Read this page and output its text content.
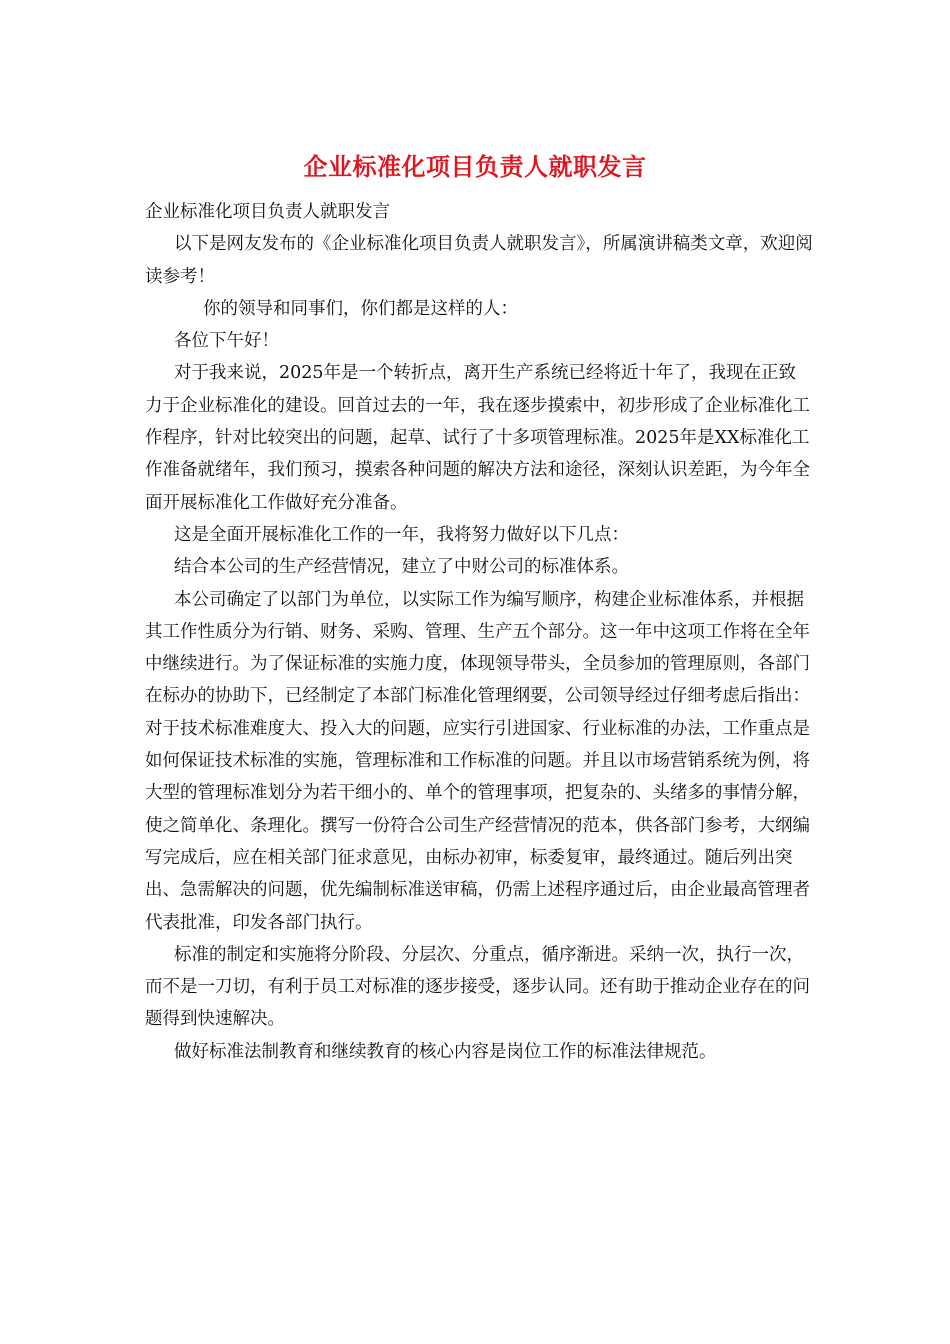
企业标准化项目负责人就职发言

企业标准化项目负责人就职发言

以下是网友发布的《企业标准化项目负责人就职发言》，所属演讲稿类文章，欢迎阅读参考！

你的领导和同事们，你们都是这样的人：

各位下午好！

对于我来说，2025年是一个转折点，离开生产系统已经将近十年了，我现在正致力于企业标准化的建设。回首过去的一年，我在逐步摸索中，初步形成了企业标准化工作程序，针对比较突出的问题，起草、试行了十多项管理标准。2025年是XX标准化工作准备就绪年，我们预习，摸索各种问题的解决方法和途径，深刻认识差距，为今年全面开展标准化工作做好充分准备。

这是全面开展标准化工作的一年，我将努力做好以下几点：

结合本公司的生产经营情况，建立了中财公司的标准体系。

本公司确定了以部门为单位，以实际工作为编写顺序，构建企业标准体系，并根据其工作性质分为行销、财务、采购、管理、生产五个部分。这一年中这项工作将在全年中继续进行。为了保证标准的实施力度，体现领导带头，全员参加的管理原则，各部门在标办的协助下，已经制定了本部门标准化管理纲要，公司领导经过仔细考虑后指出：对于技术标准难度大、投入大的问题，应实行引进国家、行业标准的办法，工作重点是如何保证技术标准的实施，管理标准和工作标准的问题。并且以市场营销系统为例，将大型的管理标准划分为若干细小的、单个的管理事项，把复杂的、头绪多的事情分解，使之简单化、条理化。撰写一份符合公司生产经营情况的范本，供各部门参考，大纲编写完成后，应在相关部门征求意见，由标办初审，标委复审，最终通过。随后列出突出、急需解决的问题，优先编制标准送审稿，仍需上述程序通过后，由企业最高管理者代表批准，印发各部门执行。

标准的制定和实施将分阶段、分层次、分重点，循序渐进。采纳一次，执行一次，而不是一刀切，有利于员工对标准的逐步接受，逐步认同。还有助于推动企业存在的问题得到快速解决。

做好标准法制教育和继续教育的核心内容是岗位工作的标准法律规范。
